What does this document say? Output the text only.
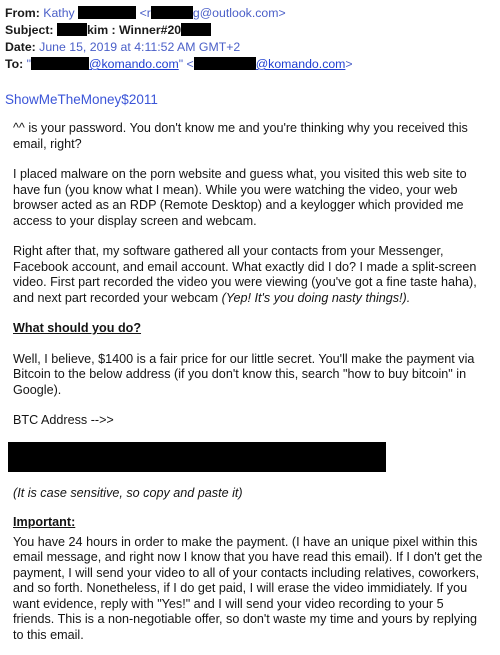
From: Kathy	<r	g@outlook.com>
Subject:	kim : Winner#20
Date: June 15, 2019 at 4:11:52 AM GMT+2
To: "	@komando.com" <	@komando.com>
ShowMeTheMoney$2011

^^ is your password. You don't know me and you're thinking why you received this email, right?

I placed malware on the porn website and guess what, you visited this web site to have fun (you know what I mean). While you were watching the video, your web browser acted as an RDP (Remote Desktop) and a keylogger which provided me access to your display screen and webcam.

Right after that, my software gathered all your contacts from your Messenger, Facebook account, and email account. What exactly did I do? I made a split-screen video. First part recorded the video you were viewing (you've got a fine taste haha), and next part recorded your webcam (Yep! It's you doing nasty things!).

What should you do?

Well, I believe, $1400 is a fair price for our little secret. You'll make the payment via Bitcoin to the below address (if you don't know this, search "how to buy bitcoin" in Google).

BTC Address -->>

(It is case sensitive, so copy and paste it)

Important:

You have 24 hours in order to make the payment. (I have an unique pixel within this email message, and right now I know that you have read this email). If I don't get the payment, I will send your video to all of your contacts including relatives, coworkers, and so forth. Nonetheless, if I do get paid, I will erase the video immidiately. If you want evidence, reply with "Yes!" and I will send your video recording to your 5 friends. This is a non-negotiable offer, so don't waste my time and yours by replying to this email.
